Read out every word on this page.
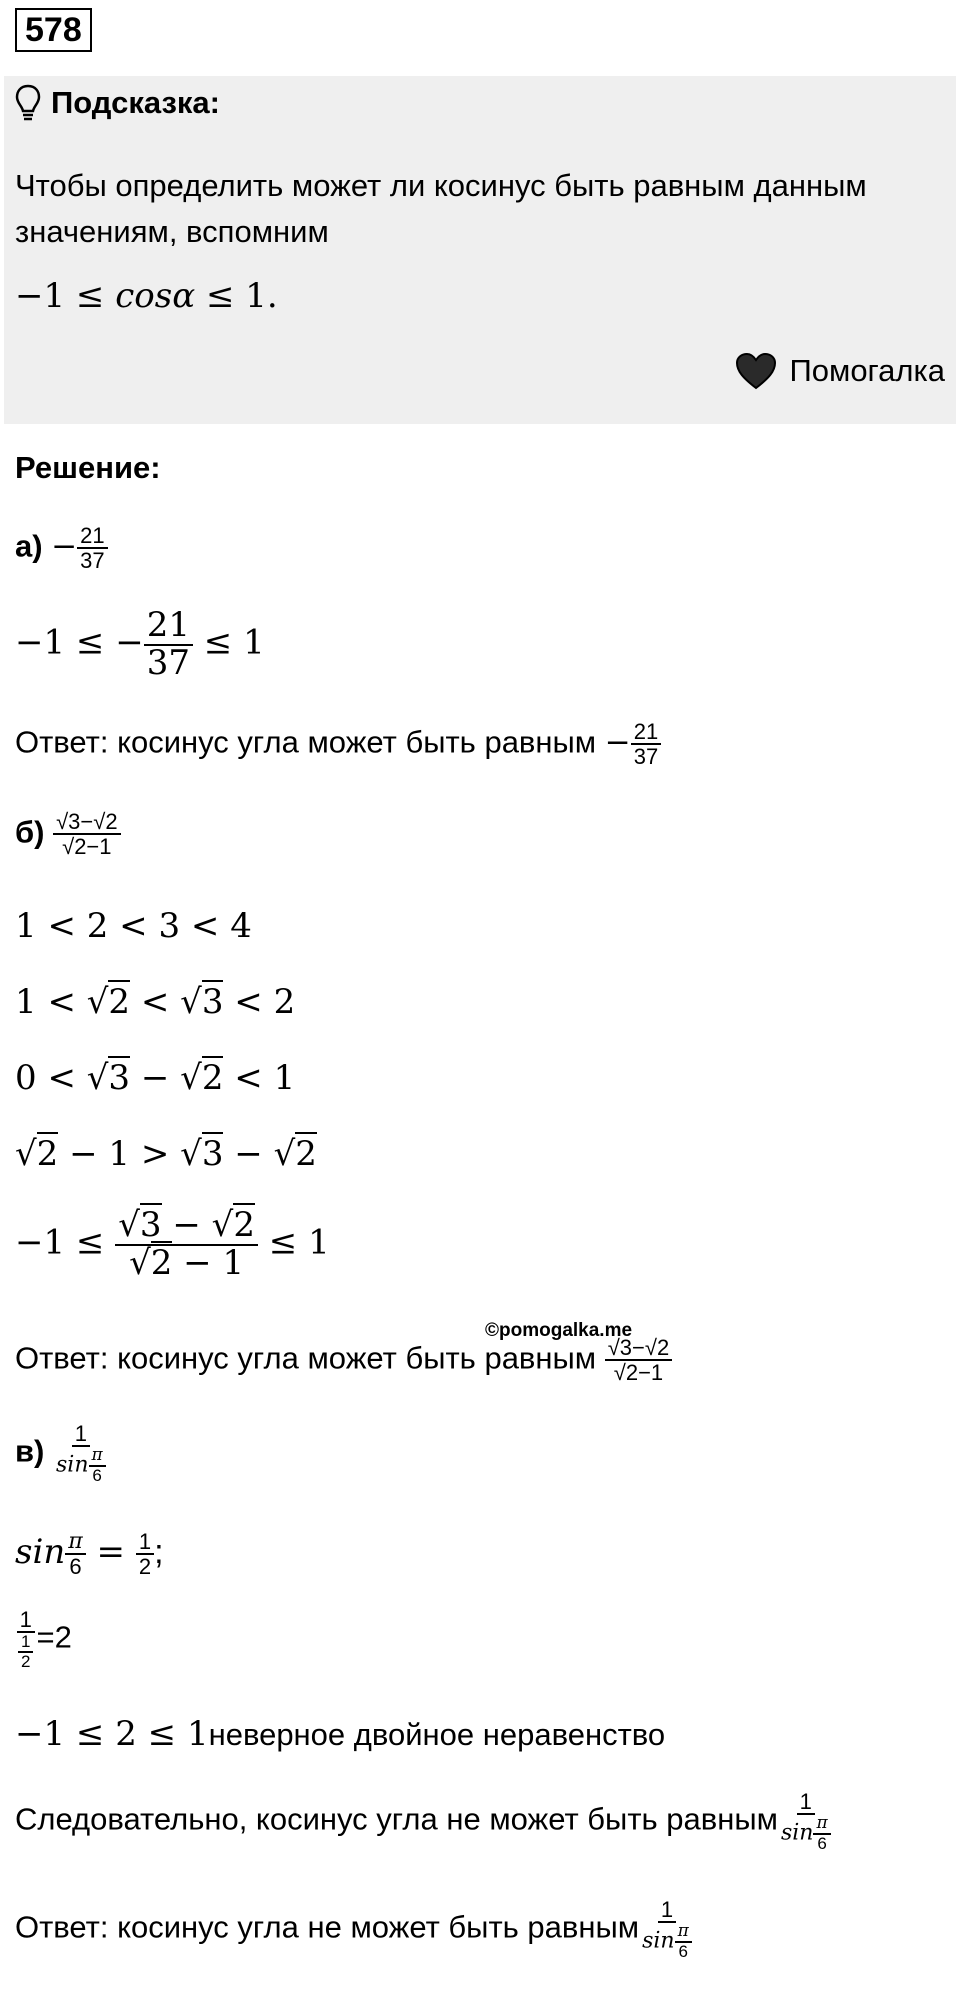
578
Подсказка:
Чтобы определить может ли косинус быть равным данным
значениям, вспомним
−1 ≤ cosα ≤ 1.
Помогалка
Решение:
$а) - \frac{21}{37}$
−1 ≤ − $\frac{21}{37} \le 1$
Ответ: косинус угла может быть равным − $\frac{21}{37}$
$б) \frac{√3-√2}{√2-1}$
1 < 2 < 3 < 4
1 < √2 < √3 < 2
0 < √3 − √2 < 1
√2 − 1 > √3 − √2
$-1 \le \frac{√3 - √2}{√2 - 1} \le 1$
©pomogalka.me
Ответ: косинус угла может быть равным $\frac{√3-√2}{√2-1}$
$в) \frac{1}{\sin \frac{\pi}{6}}$
$\sin \frac{\pi}{6} = \frac{1}{2}$ ;
$\frac{1}{\frac{1}{2}} =2$
−1 ≤ 2 ≤ 1неверное двойное неравенство
Следовательно, косинус угла не может быть равным $\frac{1}{\sin \frac{\pi}{6}}$
Ответ: косинус угла не может быть равным $\frac{1}{\sin \frac{\pi}{6}}$
